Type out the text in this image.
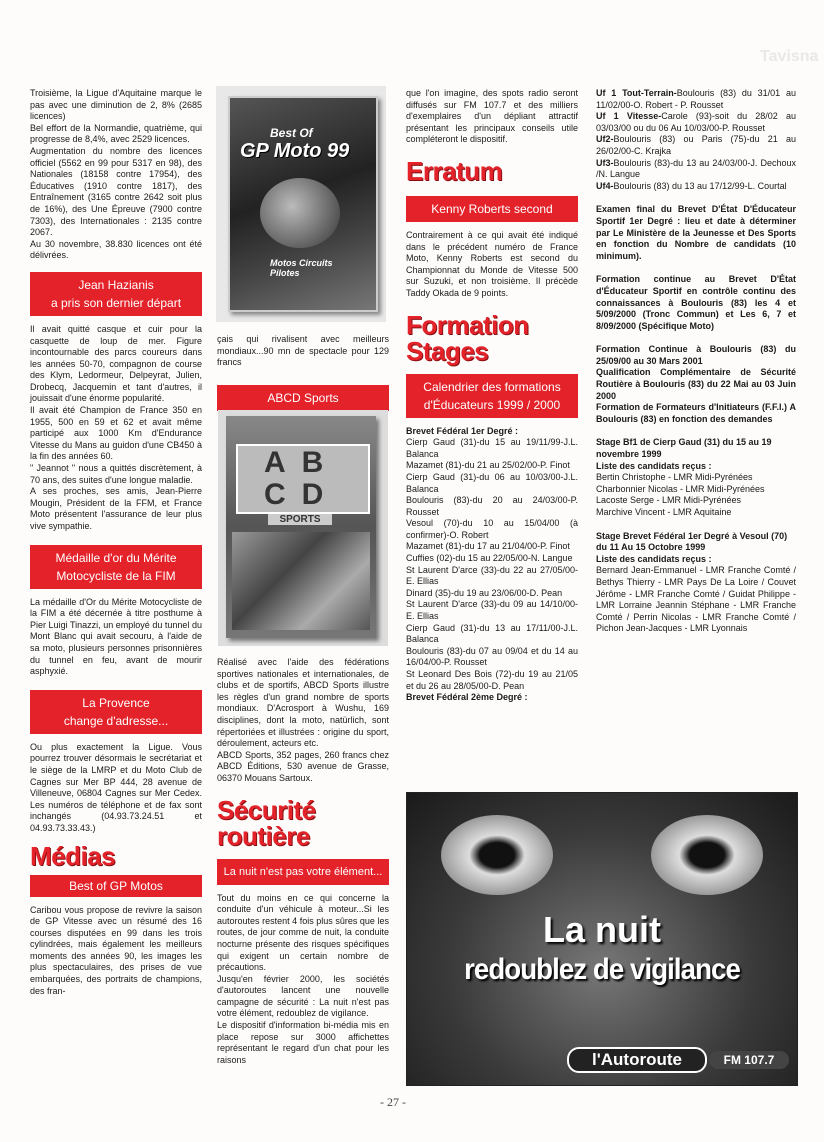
Tavisna

Troisième, la Ligue d'Aquitaine marque le pas avec une diminution de 2, 8% (2685 licences)

Bel effort de la Normandie, quatrième, qui progresse de 8,4%, avec 2529 licences.

Augmentation du nombre des licences officiel (5562 en 99 pour 5317 en 98), des Nationales (18158 contre 17954), des Éducatives (1910 contre 1817), des Entraînement (3165 contre 2642 soit plus de 16%), des Une Épreuve (7900 contre 7303), des Internationales : 2135 contre 2067.

Au 30 novembre, 38.830 licences ont été délivrées.

Jean Hazianis
a pris son dernier départ

Il avait quitté casque et cuir pour la casquette de loup de mer. Figure incontournable des parcs coureurs dans les années 50-70, compagnon de course des Klym, Ledormeur, Delpeyrat, Julien, Drobecq, Jacquemin et tant d'autres, il jouissait d'une énorme popularité.

Il avait été Champion de France 350 en 1955, 500 en 59 et 62 et avait même participé aux 1000 Km d'Endurance Vitesse du Mans au guidon d'une CB450 à la fin des années 60.

" Jeannot " nous a quittés discrètement, à 70 ans, des suites d'une longue maladie.

A ses proches, ses amis, Jean-Pierre Mougin, Président de la FFM, et France Moto présentent l'assurance de leur plus vive sympathie.

Médaille d'or du Mérite
Motocycliste de la FIM

La médaille d'Or du Mérite Motocycliste de la FIM a été décernée à titre posthume à Pier Luigi Tinazzi, un employé du tunnel du Mont Blanc qui avait secouru, à l'aide de sa moto, plusieurs personnes prisonnières du tunnel en feu, avant de mourir asphyxié.

La Provence
change d'adresse...

Ou plus exactement la Ligue. Vous pourrez trouver désormais le secrétariat et le siège de la LMRP et du Moto Club de Cagnes sur Mer BP 444, 28 avenue de Villeneuve, 06804 Cagnes sur Mer Cedex. Les numéros de téléphone et de fax sont inchangés (04.93.73.24.51 et 04.93.73.33.43.)

Médias
Best of GP Motos

Caribou vous propose de revivre la saison de GP Vitesse avec un résumé des 16 courses disputées en 99 dans les trois cylindrées, mais également les meilleurs moments des années 90, les images les plus spectaculaires, des prises de vue embarquées, des portraits de champions, des fran-

Best Of
GP Moto 99
Motos Circuits Pilotes

çais qui rivalisent avec meilleurs mondiaux...90 mn de spectacle pour 129 francs

ABCD Sports
AB
CD
SPORTS

Réalisé avec l'aide des fédérations sportives nationales et internationales, de clubs et de sportifs, ABCD Sports illustre les règles d'un grand nombre de sports mondiaux. D'Acrosport à Wushu, 169 disciplines, dont la moto, natürlich, sont répertoriées et illustrées : origine du sport, déroulement, acteurs etc.

ABCD Sports, 352 pages, 260 francs chez ABCD Éditions, 530 avenue de Grasse, 06370 Mouans Sartoux.

Sécurité
routière
La nuit n'est pas votre élément...

Tout du moins en ce qui concerne la conduite d'un véhicule à moteur...Si les autoroutes restent 4 fois plus sûres que les routes, de jour comme de nuit, la conduite nocturne présente des risques spécifiques qui exigent un certain nombre de précautions.

Jusqu'en février 2000, les sociétés d'autoroutes lancent une nouvelle campagne de sécurité : La nuit n'est pas votre élément, redoublez de vigilance.

Le dispositif d'information bi-média mis en place repose sur 3000 affichettes représentant le regard d'un chat pour les raisons

que l'on imagine, des spots radio seront diffusés sur FM 107.7 et des milliers d'exemplaires d'un dépliant attractif présentant les principaux conseils utile compléteront le dispositif.

Erratum
Kenny Roberts second

Contrairement à ce qui avait été indiqué dans le précédent numéro de France Moto, Kenny Roberts est second du Championnat du Monde de Vitesse 500 sur Suzuki, et non troisième. Il précède Taddy Okada de 9 points.

Formation
Stages
Calendrier des formations
d'Éducateurs 1999 / 2000

Brevet Fédéral 1er Degré :

Cierp Gaud (31)-du 15 au 19/11/99-J.L. Balanca

Mazamet (81)-du 21 au 25/02/00-P. Finot

Cierp Gaud (31)-du 06 au 10/03/00-J.L. Balanca

Boulouris (83)-du 20 au 24/03/00-P. Rousset

Vesoul (70)-du 10 au 15/04/00 (à confirmer)-O. Robert

Mazamet (81)-du 17 au 21/04/00-P. Finot

Cuffies (02)-du 15 au 22/05/00-N. Langue

St Laurent D'arce (33)-du 22 au 27/05/00-E. Ellias

Dinard (35)-du 19 au 23/06/00-D. Pean

St Laurent D'arce (33)-du 09 au 14/10/00-E. Ellias

Cierp Gaud (31)-du 13 au 17/11/00-J.L. Balanca

Boulouris (83)-du 07 au 09/04 et du 14 au 16/04/00-P. Rousset

St Leonard Des Bois (72)-du 19 au 21/05 et du 26 au 28/05/00-D. Pean

Brevet Fédéral 2ème Degré :

Uf 1 Tout-Terrain-Boulouris (83) du 31/01 au 11/02/00-O. Robert - P. Rousset

Uf 1 Vitesse-Carole (93)-soit du 28/02 au 03/03/00 ou du 06 Au 10/03/00-P. Rousset

Uf2-Boulouris (83) ou Paris (75)-du 21 au 26/02/00-C. Krajka

Uf3-Boulouris (83)-du 13 au 24/03/00-J. Dechoux /N. Langue

Uf4-Boulouris (83) du 13 au 17/12/99-L. Courtal

Examen final du Brevet D'État D'Éducateur Sportif 1er Degré : lieu et date à déterminer par Le Ministère de la Jeunesse et Des Sports en fonction du Nombre de candidats (10 minimum).

Formation continue au Brevet D'État d'Éducateur Sportif en contrôle continu des connaissances à Boulouris (83) les 4 et 5/09/2000 (Tronc Commun) et Les 6, 7 et 8/09/2000 (Spécifique Moto)

Formation Continue à Boulouris (83) du 25/09/00 au 30 Mars 2001

Qualification Complémentaire de Sécurité Routière à Boulouris (83) du 22 Mai au 03 Juin 2000

Formation de Formateurs d'Initiateurs (F.F.I.) A Boulouris (83) en fonction des demandes

Stage Bf1 de Cierp Gaud (31) du 15 au 19 novembre 1999

Liste des candidats reçus :

Bertin Christophe - LMR Midi-Pyrénées

Charbonnier Nicolas - LMR Midi-Pyrénées

Lacoste Serge - LMR Midi-Pyrénées

Marchive Vincent - LMR Aquitaine

Stage Brevet Fédéral 1er Degré à Vesoul (70) du 11 Au 15 Octobre 1999

Liste des candidats reçus :

Bernard Jean-Emmanuel - LMR Franche Comté / Bethys Thierry - LMR Pays De La Loire / Couvet Jérôme - LMR Franche Comté / Guidat Philippe - LMR Lorraine Jeannin Stéphane - LMR Franche Comté / Perrin Nicolas - LMR Franche Comté / Pichon Jean-Jacques - LMR Lyonnais

La nuit
redoublez de vigilance
l'Autoroute	FM 107.7
- 27 -
